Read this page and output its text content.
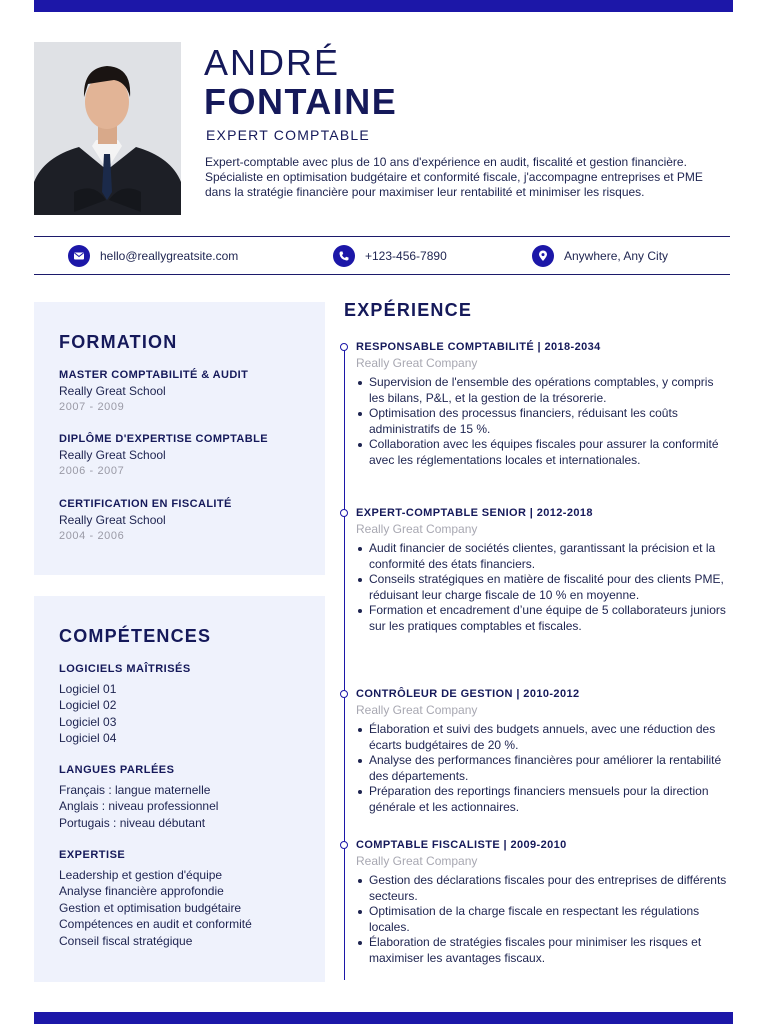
ANDRÉ
FONTAINE
EXPERT COMPTABLE
Expert-comptable avec plus de 10 ans d'expérience en audit, fiscalité et gestion financière. Spécialiste en optimisation budgétaire et conformité fiscale, j'accompagne entreprises et PME dans la stratégie financière pour maximiser leur rentabilité et minimiser les risques.
hello@reallygreatsite.com	+123-456-7890	Anywhere, Any City
FORMATION
MASTER COMPTABILITÉ & AUDIT
Really Great School
2007 - 2009
DIPLÔME D'EXPERTISE COMPTABLE
Really Great School
2006 - 2007
CERTIFICATION EN FISCALITÉ
Really Great School
2004 - 2006
COMPÉTENCES
LOGICIELS MAÎTRISÉS
Logiciel 01
Logiciel 02
Logiciel 03
Logiciel 04
LANGUES PARLÉES
Français : langue maternelle
Anglais : niveau professionnel
Portugais : niveau débutant
EXPERTISE
Leadership et gestion d'équipe
Analyse financière approfondie
Gestion et optimisation budgétaire
Compétences en audit et conformité
Conseil fiscal stratégique
EXPÉRIENCE
RESPONSABLE COMPTABILITÉ | 2018-2034
Really Great Company
Supervision de l'ensemble des opérations comptables, y compris les bilans, P&L, et la gestion de la trésorerie.
Optimisation des processus financiers, réduisant les coûts administratifs de 15 %.
Collaboration avec les équipes fiscales pour assurer la conformité avec les réglementations locales et internationales.
EXPERT-COMPTABLE SENIOR | 2012-2018
Really Great Company
Audit financier de sociétés clientes, garantissant la précision et la conformité des états financiers.
Conseils stratégiques en matière de fiscalité pour des clients PME, réduisant leur charge fiscale de 10 % en moyenne.
Formation et encadrement d’une équipe de 5 collaborateurs juniors sur les pratiques comptables et fiscales.
CONTRÔLEUR DE GESTION | 2010-2012
Really Great Company
Élaboration et suivi des budgets annuels, avec une réduction des écarts budgétaires de 20 %.
Analyse des performances financières pour améliorer la rentabilité des départements.
Préparation des reportings financiers mensuels pour la direction générale et les actionnaires.
COMPTABLE FISCALISTE | 2009-2010
Really Great Company
Gestion des déclarations fiscales pour des entreprises de différents secteurs.
Optimisation de la charge fiscale en respectant les régulations locales.
Élaboration de stratégies fiscales pour minimiser les risques et maximiser les avantages fiscaux.
